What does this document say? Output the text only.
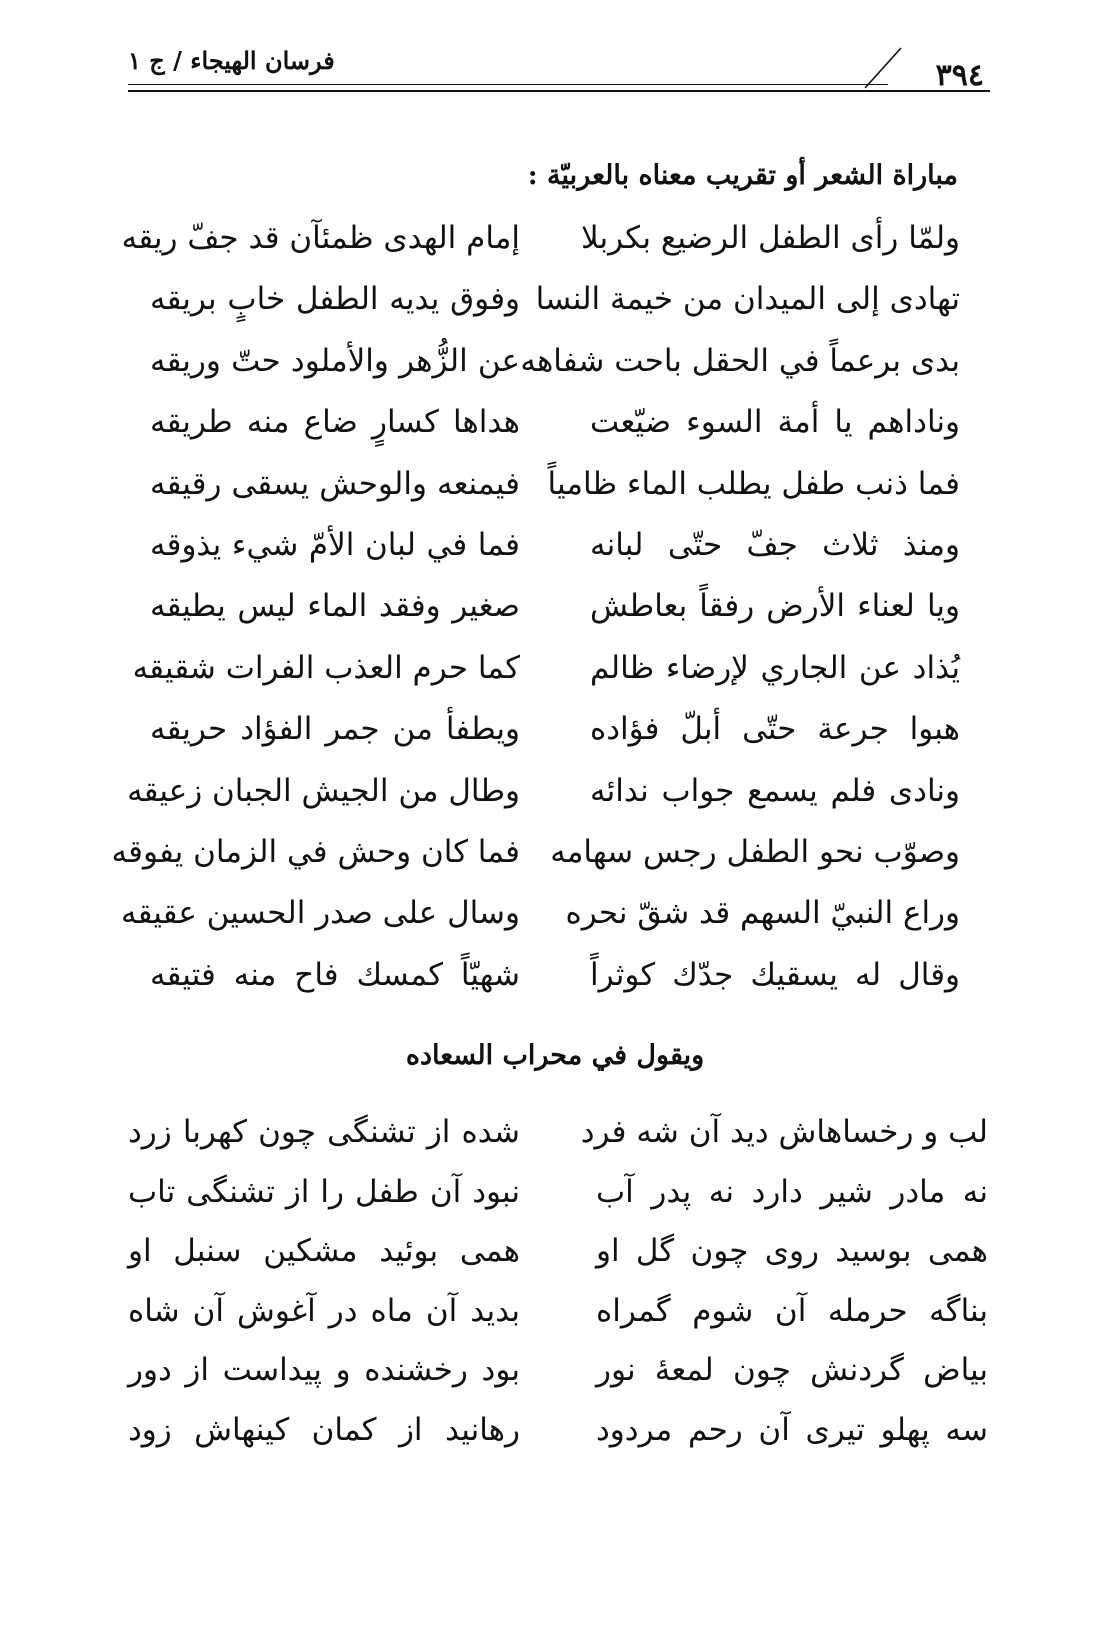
٣٩٤
فرسان الهيجاء / ج ١
مباراة الشعر أو تقريب معناه بالعربيّة :
ولمّا رأى الطفل الرضيع بكربلا
إمام الهدى ظمئآن قد جفّ ريقه
تهادى إلى الميدان من خيمة النسا
وفوق يديه الطفل خابٍ بريقه
بدى برعماً في الحقل باحت شفاهه
عن الزُّهر والأملود حتّ وريقه
وناداهم يا أمة السوء ضيّعت
هداها كسارٍ ضاع منه طريقه
فما ذنب طفل يطلب الماء ظامياً
فيمنعه والوحش يسقى رقيقه
ومنذ ثلاث جفّ حتّى لبانه
فما في لبان الأمّ شيء يذوقه
ويا لعناء الأرض رفقاً بعاطش
صغير وفقد الماء ليس يطيقه
يُذاد عن الجاري لإرضاء ظالم
كما حرم العذب الفرات شقيقه
هبوا جرعة حتّى أبلّ فؤاده
ويطفأ من جمر الفؤاد حريقه
ونادى فلم يسمع جواب ندائه
وطال من الجيش الجبان زعيقه
وصوّب نحو الطفل رجس سهامه
فما كان وحش في الزمان يفوقه
وراع النبيّ السهم قد شقّ نحره
وسال على صدر الحسين عقيقه
وقال له يسقيك جدّك كوثراً
شهيّاً كمسك فاح منه فتيقه
ويقول في محراب السعاده
لب و رخساهاش ديد آن شه فرد
شده از تشنگى چون كهربا زرد
نه مادر شير دارد نه پدر آب
نبود آن طفل را از تشنگى تاب
همى بوسيد روى چون گل او
همى بوئيد مشكين سنبل او
بناگه حرمله آن شوم گمراه
بديد آن ماه در آغوش آن شاه
بياض گردنش چون لمعهٔ نور
بود رخشنده و پيداست از دور
سه پهلو تيرى آن رحم مردود
رهانيد از كمان كينهاش زود
